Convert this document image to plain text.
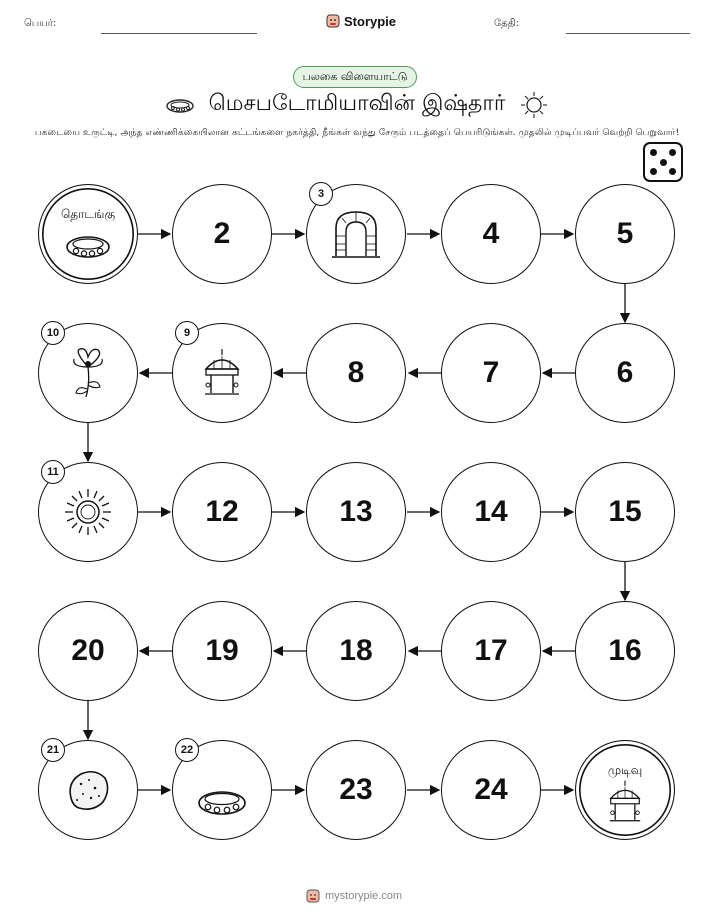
பெயர்:	Storypie	தேதி:
பலகை விளையாட்டு
மெசபடோமியாவின் இஷ்தார்
பகடையை உருட்டி, அந்த எண்ணிக்கையிலான கட்டங்களை நகர்த்தி, நீங்கள் வந்து சேரும் படத்தைப் பெயரிடுங்கள். முதலில் முடிப்பவர் வெற்றி பெறுவார்!
தொடங்கு
2
3
4	5
10	9
8	7	6
11
12	13	14	15
20	19	18	17	16
21	22
23	24
முடிவு
mystorypie.com
